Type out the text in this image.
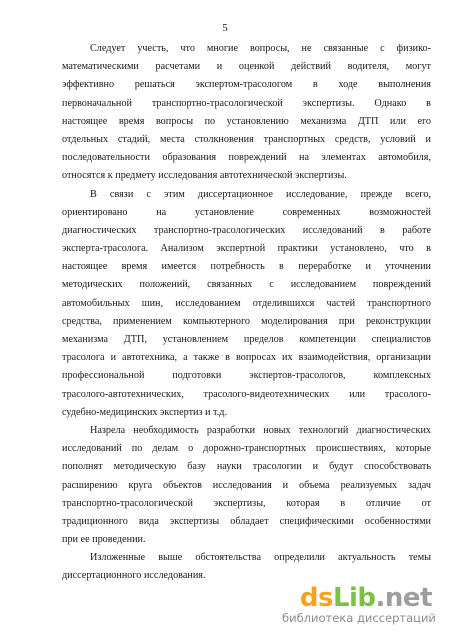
5
Следует учесть, что многие вопросы, не связанные с физико-
математическими расчетами и оценкой действий водителя, могут
эффективно решаться экспертом-трасологом в ходе выполнения
первоначальной транспортно-трасологической экспертизы. Однако в
настоящее время вопросы по установлению механизма ДТП или его
отдельных стадий, места столкновения транспортных средств, условий и
последовательности образования повреждений на элементах автомобиля,
относятся к предмету исследования автотехнической экспертизы.
В связи с этим диссертационное исследование, прежде всего,
ориентировано на установление современных возможностей
диагностических транспортно-трасологических исследований в работе
эксперта-трасолога. Анализом экспертной практики установлено, что в
настоящее время имеется потребность в переработке и уточнении
методических положений, связанных с исследованием повреждений
автомобильных шин, исследованием отделившихся частей транспортного
средства, применением компьютерного моделирования при реконструкции
механизма ДТП, установлением пределов компетенции специалистов
трасолога и автотехника, а также в вопросах их взаимодействия, организации
профессиональной подготовки экспертов-трасологов, комплексных
трасолого-автотехнических, трасолого-видеотехнических или трасолого-
судебно-медицинских экспертиз и т.д.
Назрела необходимость разработки новых технологий диагностических
исследований по делам о дорожно-транспортных происшествиях, которые
пополнят методическую базу науки трасологии и будут способствовать
расширению круга объектов исследования и объема реализуемых задач
транспортно-трасологической экспертизы, которая в отличие от
традиционного вида экспертизы обладает специфическими особенностями
при ее проведении.
Изложенные выше обстоятельства определили актуальность темы
диссертационного исследования.
dsLib.net
библиотека диссертаций
